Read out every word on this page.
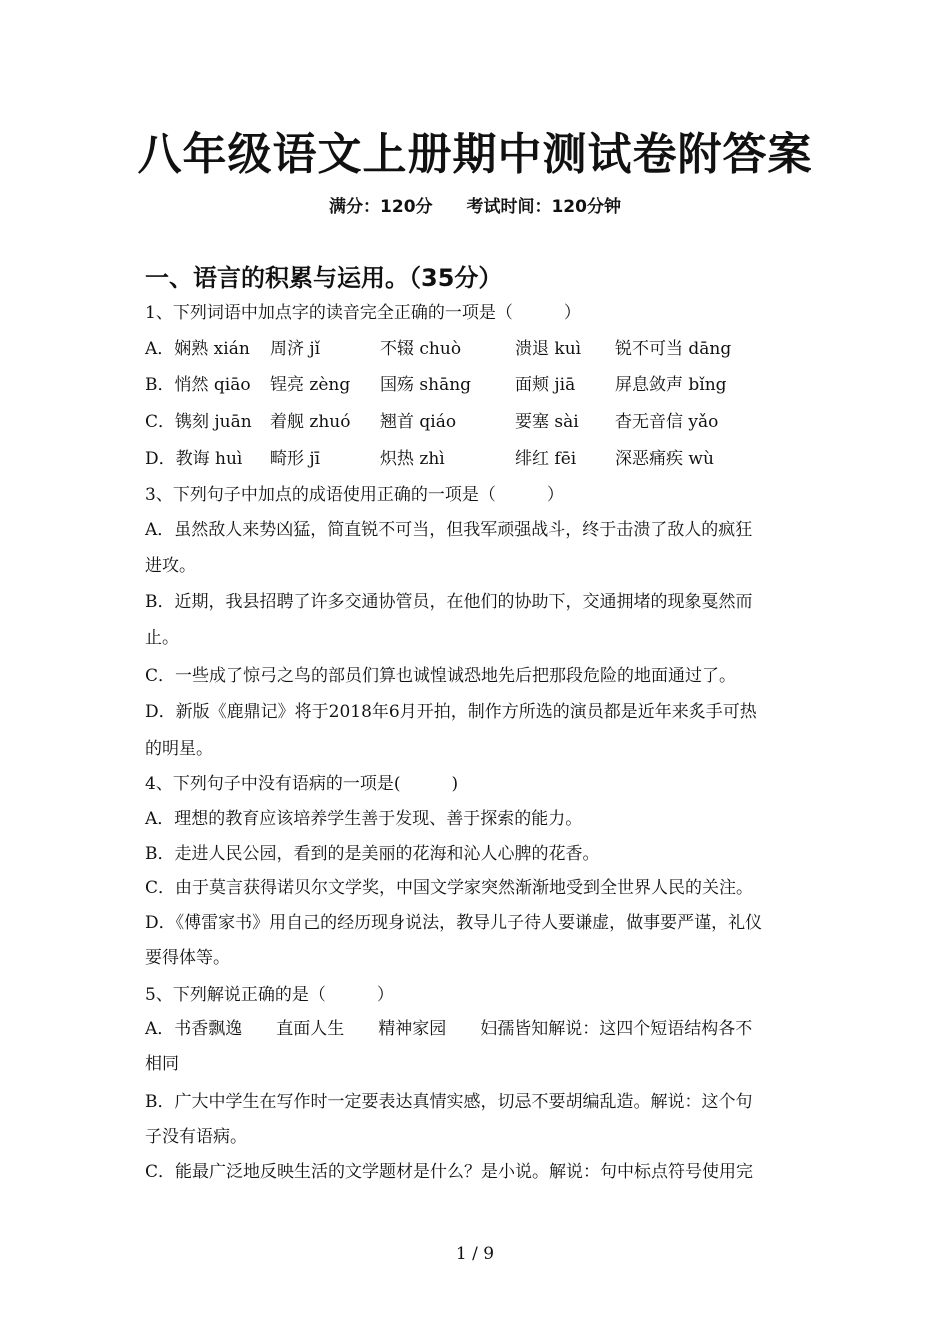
八年级语文上册期中测试卷附答案
满分：120分 考试时间：120分钟
一、语言的积累与运用。（35分）
1、下列词语中加点字的读音完全正确的一项是（　　　）
A．娴熟 xián 周济 jǐ	不辍 chuò	溃退 kuì 锐不可当 dāng
B．悄然 qiāo 锃亮 zèng 国殇 shāng	面颊 jiā 屏息敛声 bǐng
C．镌刻 juān 着舰 zhuó 翘首 qiáo	要塞 sài 杳无音信 yǎo
D．教诲 huì 畸形 jī	炽热 zhì	绯红 fēi 深恶痛疾 wù
3、下列句子中加点的成语使用正确的一项是（　　　）
A．虽然敌人来势凶猛，简直锐不可当，但我军顽强战斗，终于击溃了敌人的疯狂
进攻。
B．近期，我县招聘了许多交通协管员，在他们的协助下，交通拥堵的现象戛然而
止。
C．一些成了惊弓之鸟的部员们算也诚惶诚恐地先后把那段危险的地面通过了。
D．新版《鹿鼎记》将于2018年6月开拍，制作方所选的演员都是近年来炙手可热
的明星。
4、下列句子中没有语病的一项是(　　　)
A．理想的教育应该培养学生善于发现、善于探索的能力。
B．走进人民公园，看到的是美丽的花海和沁人心脾的花香。
C．由于莫言获得诺贝尔文学奖，中国文学家突然渐渐地受到全世界人民的关注。
D．《傅雷家书》用自己的经历现身说法，教导儿子待人要谦虚，做事要严谨，礼仪
要得体等。
5、下列解说正确的是（　　　）
A．书香飘逸　　直面人生　　精神家园　　妇孺皆知解说：这四个短语结构各不
相同
B．广大中学生在写作时一定要表达真情实感，切忌不要胡编乱造。解说：这个句
子没有语病。
C．能最广泛地反映生活的文学题材是什么？是小说。解说：句中标点符号使用完
1 / 9
